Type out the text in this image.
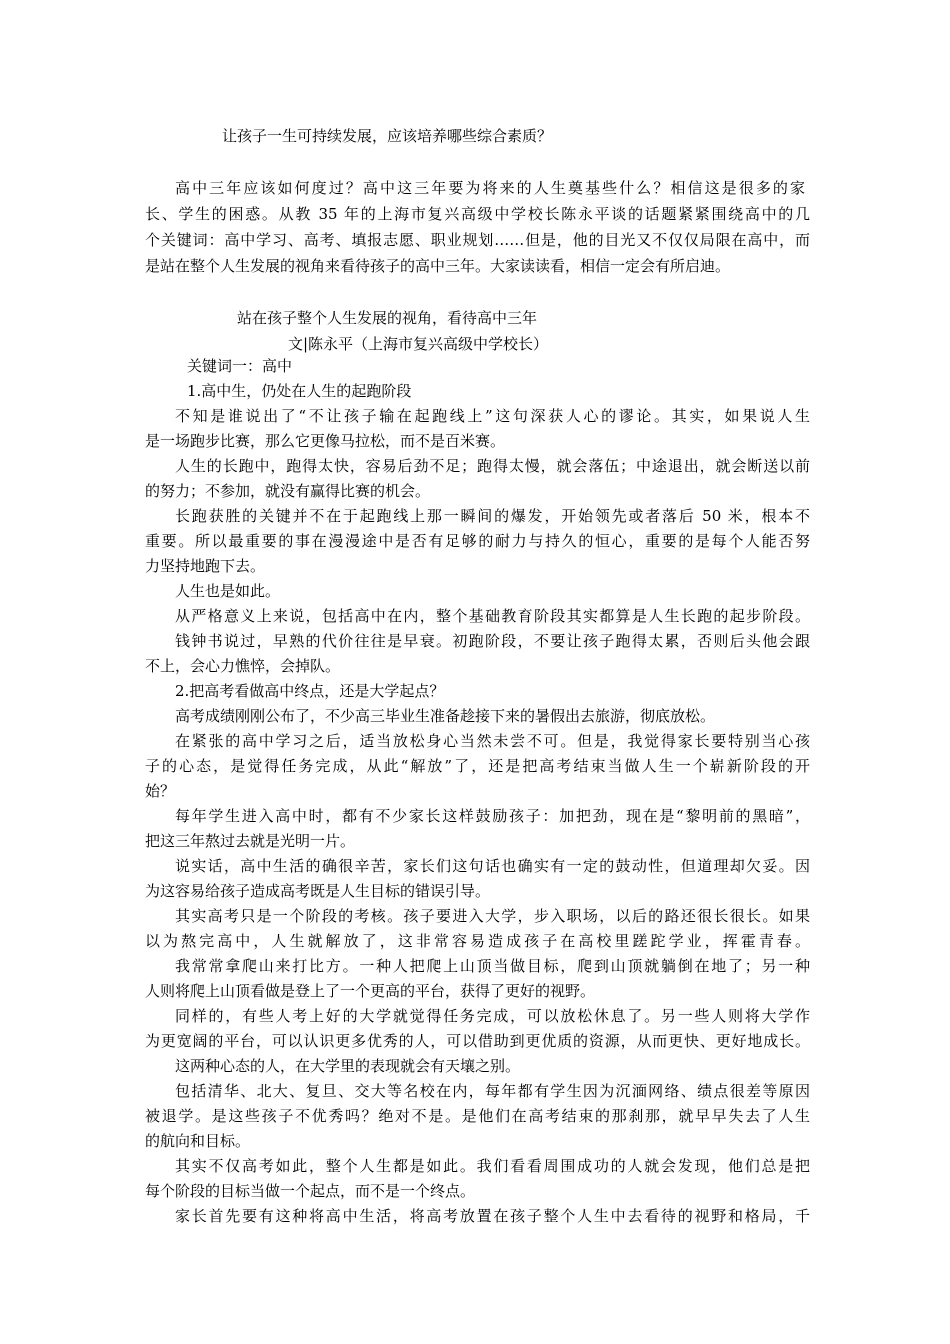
让孩子一生可持续发展，应该培养哪些综合素质？
高中三年应该如何度过？高中这三年要为将来的人生奠基些什么？相信这是很多的家
长、学生的困惑。从教 35 年的上海市复兴高级中学校长陈永平谈的话题紧紧围绕高中的几
个关键词：高中学习、高考、填报志愿、职业规划……但是，他的目光又不仅仅局限在高中，而
是站在整个人生发展的视角来看待孩子的高中三年。大家读读看，相信一定会有所启迪。
站在孩子整个人生发展的视角，看待高中三年
文|陈永平（上海市复兴高级中学校长）
关键词一：高中
1.高中生，仍处在人生的起跑阶段
不知是谁说出了“不让孩子输在起跑线上”这句深获人心的谬论。其实，如果说人生
是一场跑步比赛，那么它更像马拉松，而不是百米赛。
人生的长跑中，跑得太快，容易后劲不足；跑得太慢，就会落伍；中途退出，就会断送以前
的努力；不参加，就没有赢得比赛的机会。
长跑获胜的关键并不在于起跑线上那一瞬间的爆发，开始领先或者落后 50 米，根本不
重要。所以最重要的事在漫漫途中是否有足够的耐力与持久的恒心，重要的是每个人能否努
力坚持地跑下去。
人生也是如此。
从严格意义上来说，包括高中在内，整个基础教育阶段其实都算是人生长跑的起步阶段。
钱钟书说过，早熟的代价往往是早衰。初跑阶段，不要让孩子跑得太累，否则后头他会跟
不上，会心力憔悴，会掉队。
2.把高考看做高中终点，还是大学起点？
高考成绩刚刚公布了，不少高三毕业生准备趁接下来的暑假出去旅游，彻底放松。
在紧张的高中学习之后，适当放松身心当然未尝不可。但是，我觉得家长要特别当心孩
子的心态，是觉得任务完成，从此“解放”了，还是把高考结束当做人生一个崭新阶段的开
始？
每年学生进入高中时，都有不少家长这样鼓励孩子：加把劲，现在是“黎明前的黑暗”，
把这三年熬过去就是光明一片。
说实话，高中生活的确很辛苦，家长们这句话也确实有一定的鼓动性，但道理却欠妥。因
为这容易给孩子造成高考既是人生目标的错误引导。
其实高考只是一个阶段的考核。孩子要进入大学，步入职场，以后的路还很长很长。如果
以为熬完高中，人生就解放了，这非常容易造成孩子在高校里蹉跎学业，挥霍青春。
我常常拿爬山来打比方。一种人把爬上山顶当做目标，爬到山顶就躺倒在地了；另一种
人则将爬上山顶看做是登上了一个更高的平台，获得了更好的视野。
同样的，有些人考上好的大学就觉得任务完成，可以放松休息了。另一些人则将大学作
为更宽阔的平台，可以认识更多优秀的人，可以借助到更优质的资源，从而更快、更好地成长。
这两种心态的人，在大学里的表现就会有天壤之别。
包括清华、北大、复旦、交大等名校在内，每年都有学生因为沉湎网络、绩点很差等原因
被退学。是这些孩子不优秀吗？绝对不是。是他们在高考结束的那刹那，就早早失去了人生
的航向和目标。
其实不仅高考如此，整个人生都是如此。我们看看周围成功的人就会发现，他们总是把
每个阶段的目标当做一个起点，而不是一个终点。
家长首先要有这种将高中生活，将高考放置在孩子整个人生中去看待的视野和格局，千
